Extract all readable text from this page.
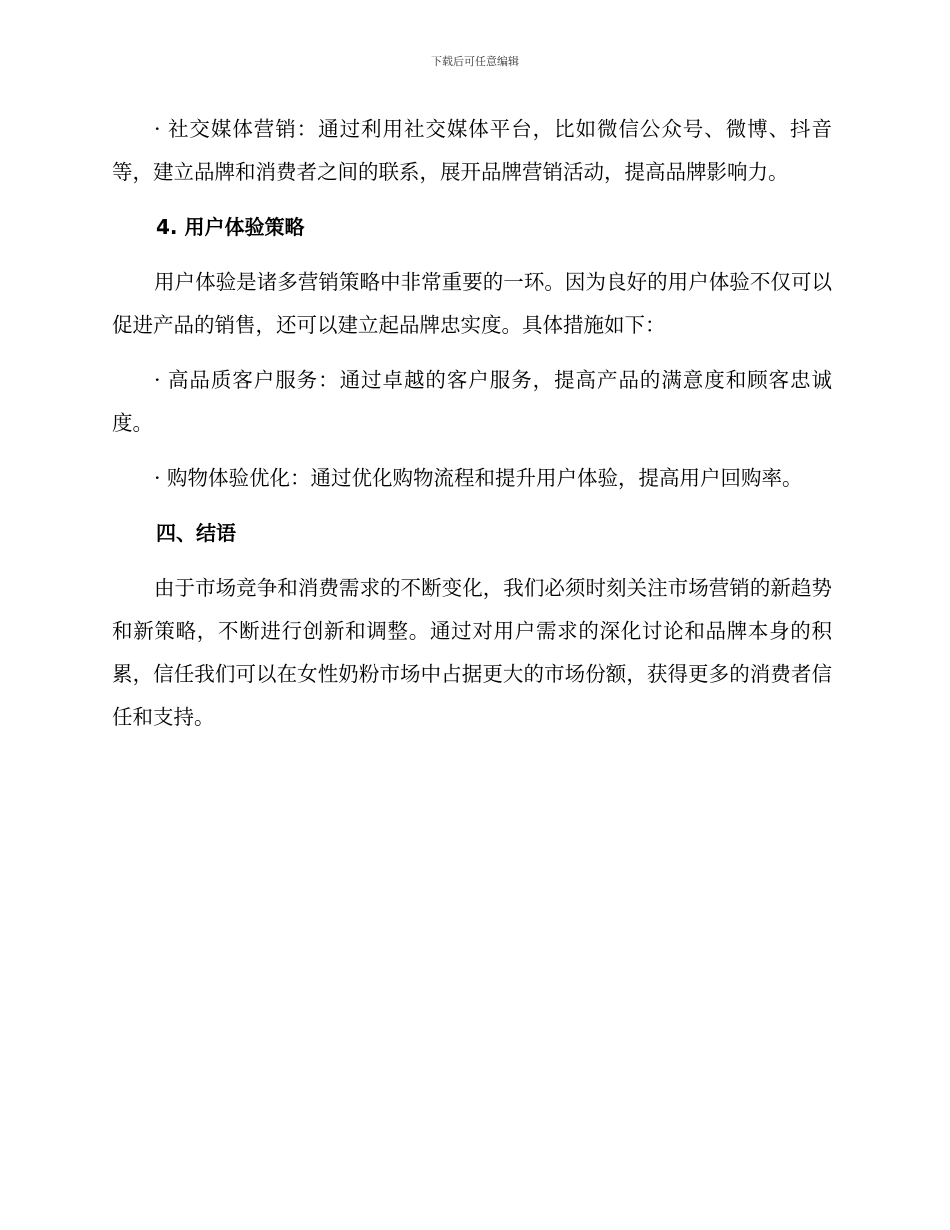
下载后可任意编辑

· 社交媒体营销：通过利用社交媒体平台，比如微信公众号、微博、抖音等，建立品牌和消费者之间的联系，展开品牌营销活动，提高品牌影响力。

4. 用户体验策略

用户体验是诸多营销策略中非常重要的一环。因为良好的用户体验不仅可以促进产品的销售，还可以建立起品牌忠实度。具体措施如下：

· 高品质客户服务：通过卓越的客户服务，提高产品的满意度和顾客忠诚度。

· 购物体验优化：通过优化购物流程和提升用户体验，提高用户回购率。

四、结语

由于市场竞争和消费需求的不断变化，我们必须时刻关注市场营销的新趋势和新策略，不断进行创新和调整。通过对用户需求的深化讨论和品牌本身的积累，信任我们可以在女性奶粉市场中占据更大的市场份额，获得更多的消费者信任和支持。
